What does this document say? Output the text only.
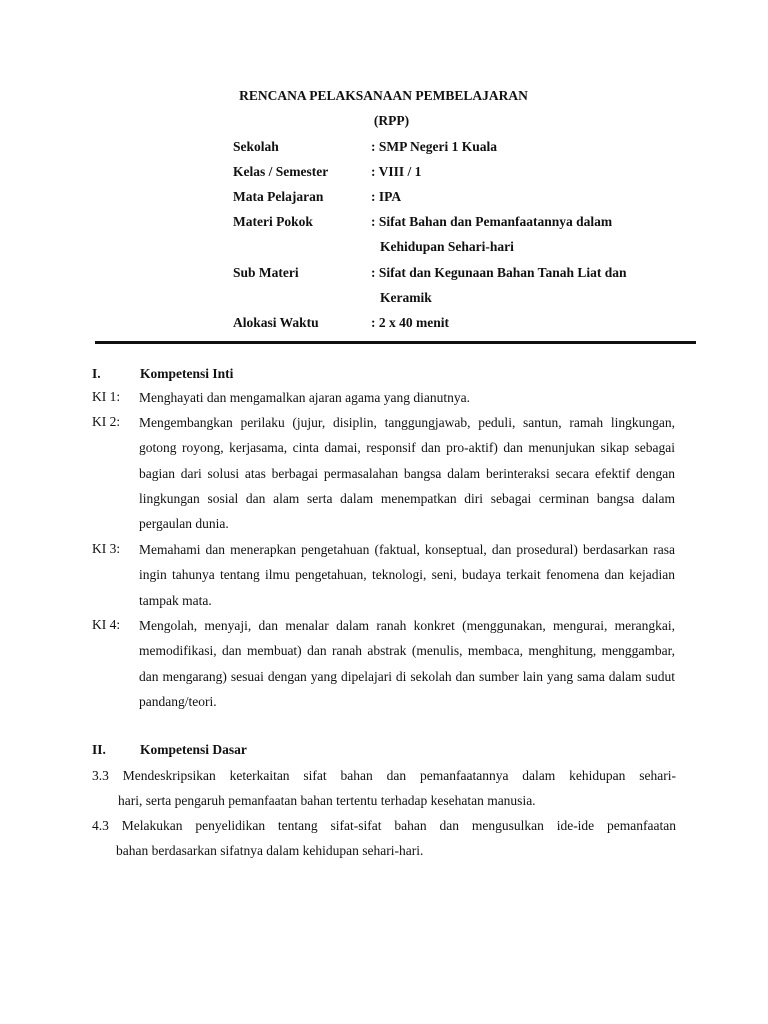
RENCANA PELAKSANAAN PEMBELAJARAN
(RPP)
Sekolah	: SMP Negeri 1 Kuala
Kelas / Semester	: VIII / 1
Mata Pelajaran	: IPA
Materi Pokok	: Sifat Bahan dan Pemanfaatannya dalam
Kehidupan Sehari-hari
Sub Materi	: Sifat dan Kegunaan Bahan Tanah Liat dan
Keramik
Alokasi Waktu	: 2 x 40 menit
I.	Kompetensi Inti
KI 1: Menghayati dan mengamalkan ajaran agama yang dianutnya.
KI 2: Mengembangkan perilaku (jujur, disiplin, tanggungjawab, peduli, santun, ramah lingkungan, gotong royong, kerjasama, cinta damai, responsif dan pro-aktif) dan menunjukan sikap sebagai bagian dari solusi atas berbagai permasalahan bangsa dalam berinteraksi secara efektif dengan lingkungan sosial dan alam serta dalam menempatkan diri sebagai cerminan bangsa dalam pergaulan dunia.
KI 3: Memahami dan menerapkan pengetahuan (faktual, konseptual, dan prosedural) berdasarkan rasa ingin tahunya tentang ilmu pengetahuan, teknologi, seni, budaya terkait fenomena dan kejadian tampak mata.
KI 4: Mengolah, menyaji, dan menalar dalam ranah konkret (menggunakan, mengurai, merangkai, memodifikasi, dan membuat) dan ranah abstrak (menulis, membaca, menghitung, menggambar, dan mengarang) sesuai dengan yang dipelajari di sekolah dan sumber lain yang sama dalam sudut pandang/teori.
II.	Kompetensi Dasar
3.3 Mendeskripsikan keterkaitan sifat bahan dan pemanfaatannya dalam kehidupan sehari-
hari, serta pengaruh pemanfaatan bahan tertentu terhadap kesehatan manusia.
4.3 Melakukan penyelidikan tentang sifat-sifat bahan dan mengusulkan ide-ide pemanfaatan
bahan berdasarkan sifatnya dalam kehidupan sehari-hari.
